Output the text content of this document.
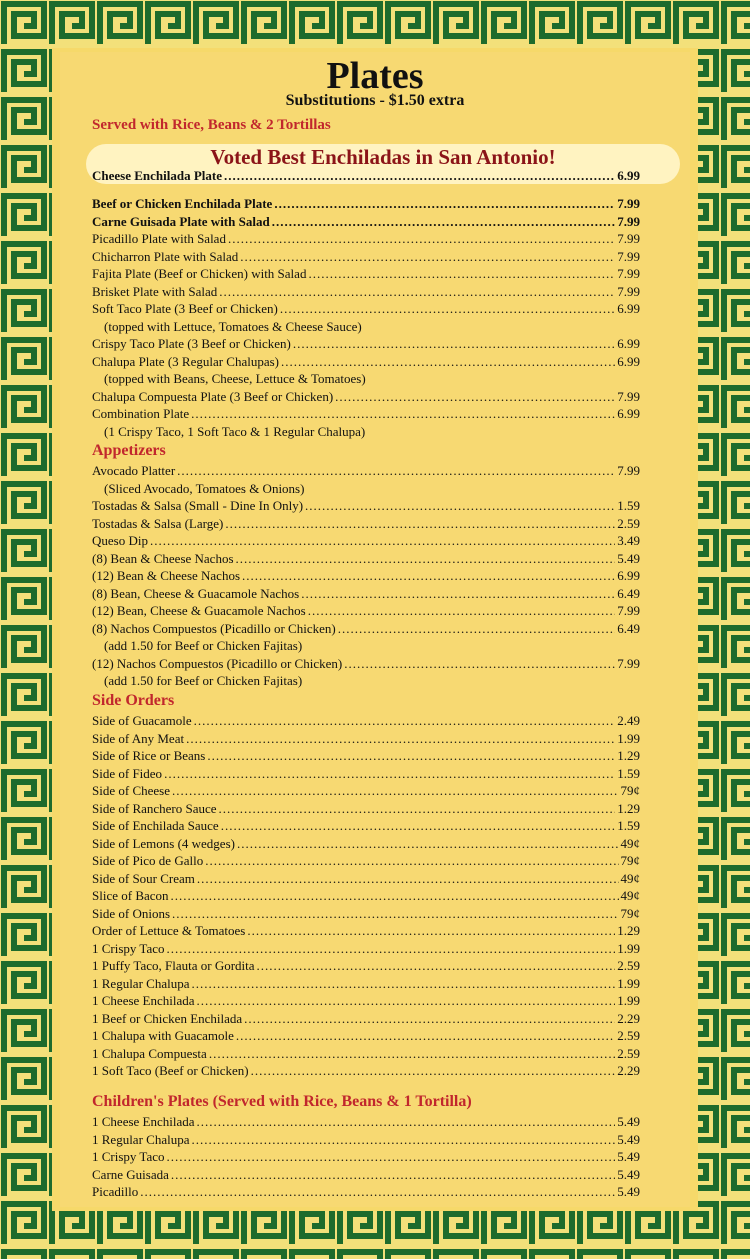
Plates
Substitutions - $1.50 extra
Served with Rice, Beans & 2 Tortillas
Voted Best Enchiladas in San Antonio!
Cheese Enchilada Plate .....	6.99
Beef or Chicken Enchilada Plate .....	7.99
Carne Guisada Plate with Salad .....	7.99
Picadillo Plate with Salad .....	7.99
Chicharron Plate with Salad .....	7.99
Fajita Plate (Beef or Chicken) with Salad .....	7.99
Brisket Plate with Salad .....	7.99
Soft Taco Plate (3 Beef or Chicken) .....	6.99
(topped with Lettuce, Tomatoes & Cheese Sauce)
Crispy Taco Plate (3 Beef or Chicken) .....	6.99
Chalupa Plate (3 Regular Chalupas) .....	6.99
(topped with Beans, Cheese, Lettuce & Tomatoes)
Chalupa Compuesta Plate (3 Beef or Chicken) .....	7.99
Combination Plate .....	6.99
(1 Crispy Taco, 1 Soft Taco & 1 Regular Chalupa)
Appetizers
Avocado Platter .....	7.99
(Sliced Avocado, Tomatoes & Onions)
Tostadas & Salsa (Small - Dine In Only) .....	1.59
Tostadas & Salsa (Large) .....	2.59
Queso Dip .....	3.49
(8) Bean & Cheese Nachos .....	5.49
(12) Bean & Cheese Nachos .....	6.99
(8) Bean, Cheese & Guacamole Nachos .....	6.49
(12) Bean, Cheese & Guacamole Nachos .....	7.99
(8) Nachos Compuestos (Picadillo or Chicken) .....	6.49
(add 1.50 for Beef or Chicken Fajitas)
(12) Nachos Compuestos (Picadillo or Chicken) .....	7.99
(add 1.50 for Beef or Chicken Fajitas)
Side Orders
Side of Guacamole .....	2.49
Side of Any Meat .....	1.99
Side of Rice or Beans .....	1.29
Side of Fideo .....	1.59
Side of Cheese .....	79¢
Side of Ranchero Sauce .....	1.29
Side of Enchilada Sauce .....	1.59
Side of Lemons (4 wedges) .....	49¢
Side of Pico de Gallo .....	79¢
Side of Sour Cream .....	49¢
Slice of Bacon .....	49¢
Side of Onions .....	79¢
Order of Lettuce & Tomatoes .....	1.29
1 Crispy Taco .....	1.99
1 Puffy Taco, Flauta or Gordita .....	2.59
1 Regular Chalupa .....	1.99
1 Cheese Enchilada .....	1.99
1 Beef or Chicken Enchilada .....	2.29
1 Chalupa with Guacamole .....	2.59
1 Chalupa Compuesta .....	2.59
1 Soft Taco (Beef or Chicken) .....	2.29
Children's Plates (Served with Rice, Beans & 1 Tortilla)
1 Cheese Enchilada .....	5.49
1 Regular Chalupa .....	5.49
1 Crispy Taco .....	5.49
Carne Guisada .....	5.49
Picadillo .....	5.49
